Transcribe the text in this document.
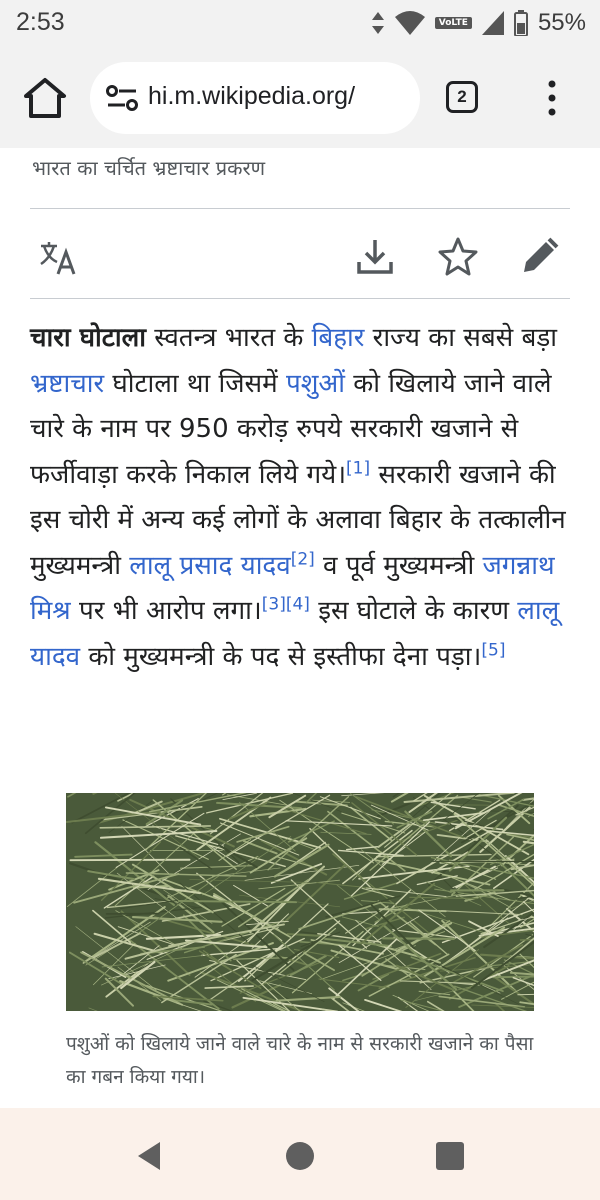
2:53	VoLTE	55%
hi.m.wikipedia.org/	2
भारत का चर्चित भ्रष्टाचार प्रकरण
चारा घोटाला स्वतन्त्र भारत के बिहार राज्य का सबसे बड़ा भ्रष्टाचार घोटाला था जिसमें पशुओं को खिलाये जाने वाले चारे के नाम पर 950 करोड़ रुपये सरकारी खजाने से फर्जीवाड़ा करके निकाल लिये गये।[1] सरकारी खजाने की इस चोरी में अन्य कई लोगों के अलावा बिहार के तत्कालीन मुख्यमन्त्री लालू प्रसाद यादव[2] व पूर्व मुख्यमन्त्री जगन्नाथ मिश्र पर भी आरोप लगा।[3][4] इस घोटाले के कारण लालू यादव को मुख्यमन्त्री के पद से इस्तीफा देना पड़ा।[5]
पशुओं को खिलाये जाने वाले चारे के नाम से सरकारी खजाने का पैसा का गबन किया गया।
